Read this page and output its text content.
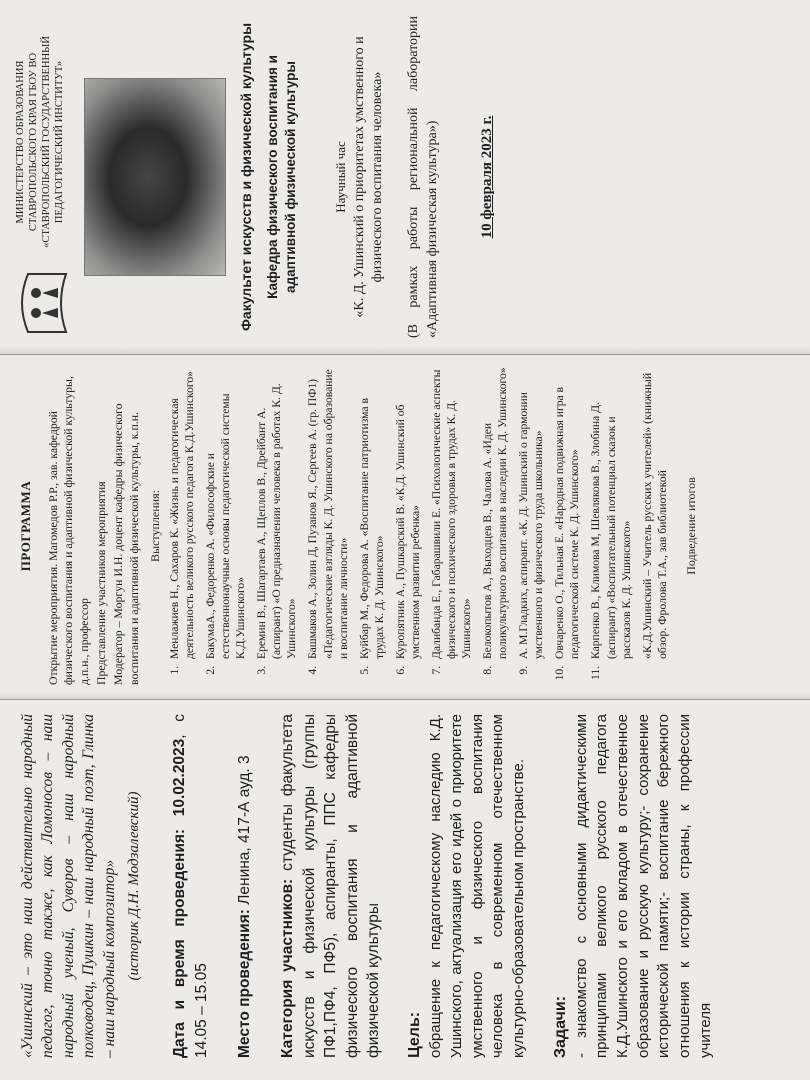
«Ушинский – это наш действительно народный педагог, точно также, как Ломоносов – наш народный ученый, Суворов – наш народный полководец, Пушкин – наш народный поэт, Глинка – наш народный композитор» (историк Д.Н. Модзалевский) Дата и время проведения: 10.02.2023, с 14.05 – 15.05 Место проведения: Ленина, 417-А ауд. 3

Категория участников: студенты факультета искусств и физической культуры (группы ПФ1,ПФ4, ПФ5), аспиранты, ППС кафедры физического воспитания и адаптивной физической культуры Цель: обращение к педагогическому наследию К.Д. Ушинского, актуализация его идей о приоритете умственного и физического воспитания человека в современном отечественном культурно-образовательном пространстве. Задачи: - знакомство с основными дидактическими принципами великого русского педагога К.Д.Ушинского и его вкладом в отечественное образование и русскую культуру;- сохранение исторической памяти;- воспитание бережного отношения к истории страны, к профессии учителя

ПРОГРАММА Открытие мероприятия. Магомедов Р.Р., зав. кафедрой физического воспитания и адаптивной физической культуры, д.п.н., профессор Представление участников мероприятия Модератор – Моргун И.Н. доцент кафедры физического воспитания и адаптивной физической культуры, к.п.н. Выступления: 1. Менлажиев Н., Сахаров К. «Жизнь и педагогическая деятельность великого русского педагога К.Д.Ушинского» 2. БакумаА., Федоренко А. «Философские и естественнонаучные основы педагогической системы К.Д.Ушинского» 3. Еремин В., Шагартаев А., Щеплов В., Дрейбант А.(аспирант) «О предназначении человека в работах К. Д. Ушинского» 4. Башмаков А., Золин Д, Пузанов Я., Сергеев А. (гр. ПФ1) «Педагогические взгляды К. Д. Ушинского на образование и воспитание личности» 5. Куйбар М., Федорова А. «Воспитание патриотизма в трудах К. Д. Ушинского» 6. Куропятник А., Пушкарский В. «К.Д. Ушинский об умственном развитии ребенка» 7. Далибанда Е., Габарашвили Е. «Психологические аспекты физического и психического здоровья в трудах К. Д. Ушинского» 8. Белокопытов А., Выходцев В., Чалова А. «Идеи поликультурного воспитания в наследии К. Д. Ушинского» 9. А. М.Гладких, аспирант. «К. Д. Ушинский о гармонии умственного и физического труда школьника» 10. Овчаренко О., Тильная Е. «Народная подвижная игра в педагогической системе К. Д. Ушинского» 11. Карпенко В., Климова М, Шевлякова В., Злобина Д.(аспирант) «Воспитательный потенциал сказок и рассказов К. Д. Ушинского» «К.Д.Ушинский – Учитель русских учителей» (книжный обзор. Фролова Т.А., зав библиотекой Подведение итогов
МИНИСТЕРСТВО ОБРАЗОВАНИЯ СТАВРОПОЛЬСКОГО КРАЯ ГБОУ ВО «СТАВРОПОЛЬСКИЙ ГОСУДАРСТВЕННЫЙ ПЕДАГОГИЧЕСКИЙ ИНСТИТУТ»	Факультет искусств и физической культуры Кафедра физического воспитания и адаптивной физической культуры	Научный час «К. Д. Ушинский о приоритетах умственного и физического воспитания человека» (В рамках работы региональной лаборатории «Адаптивная физическая культура»)	10 февраля 2023 г.
